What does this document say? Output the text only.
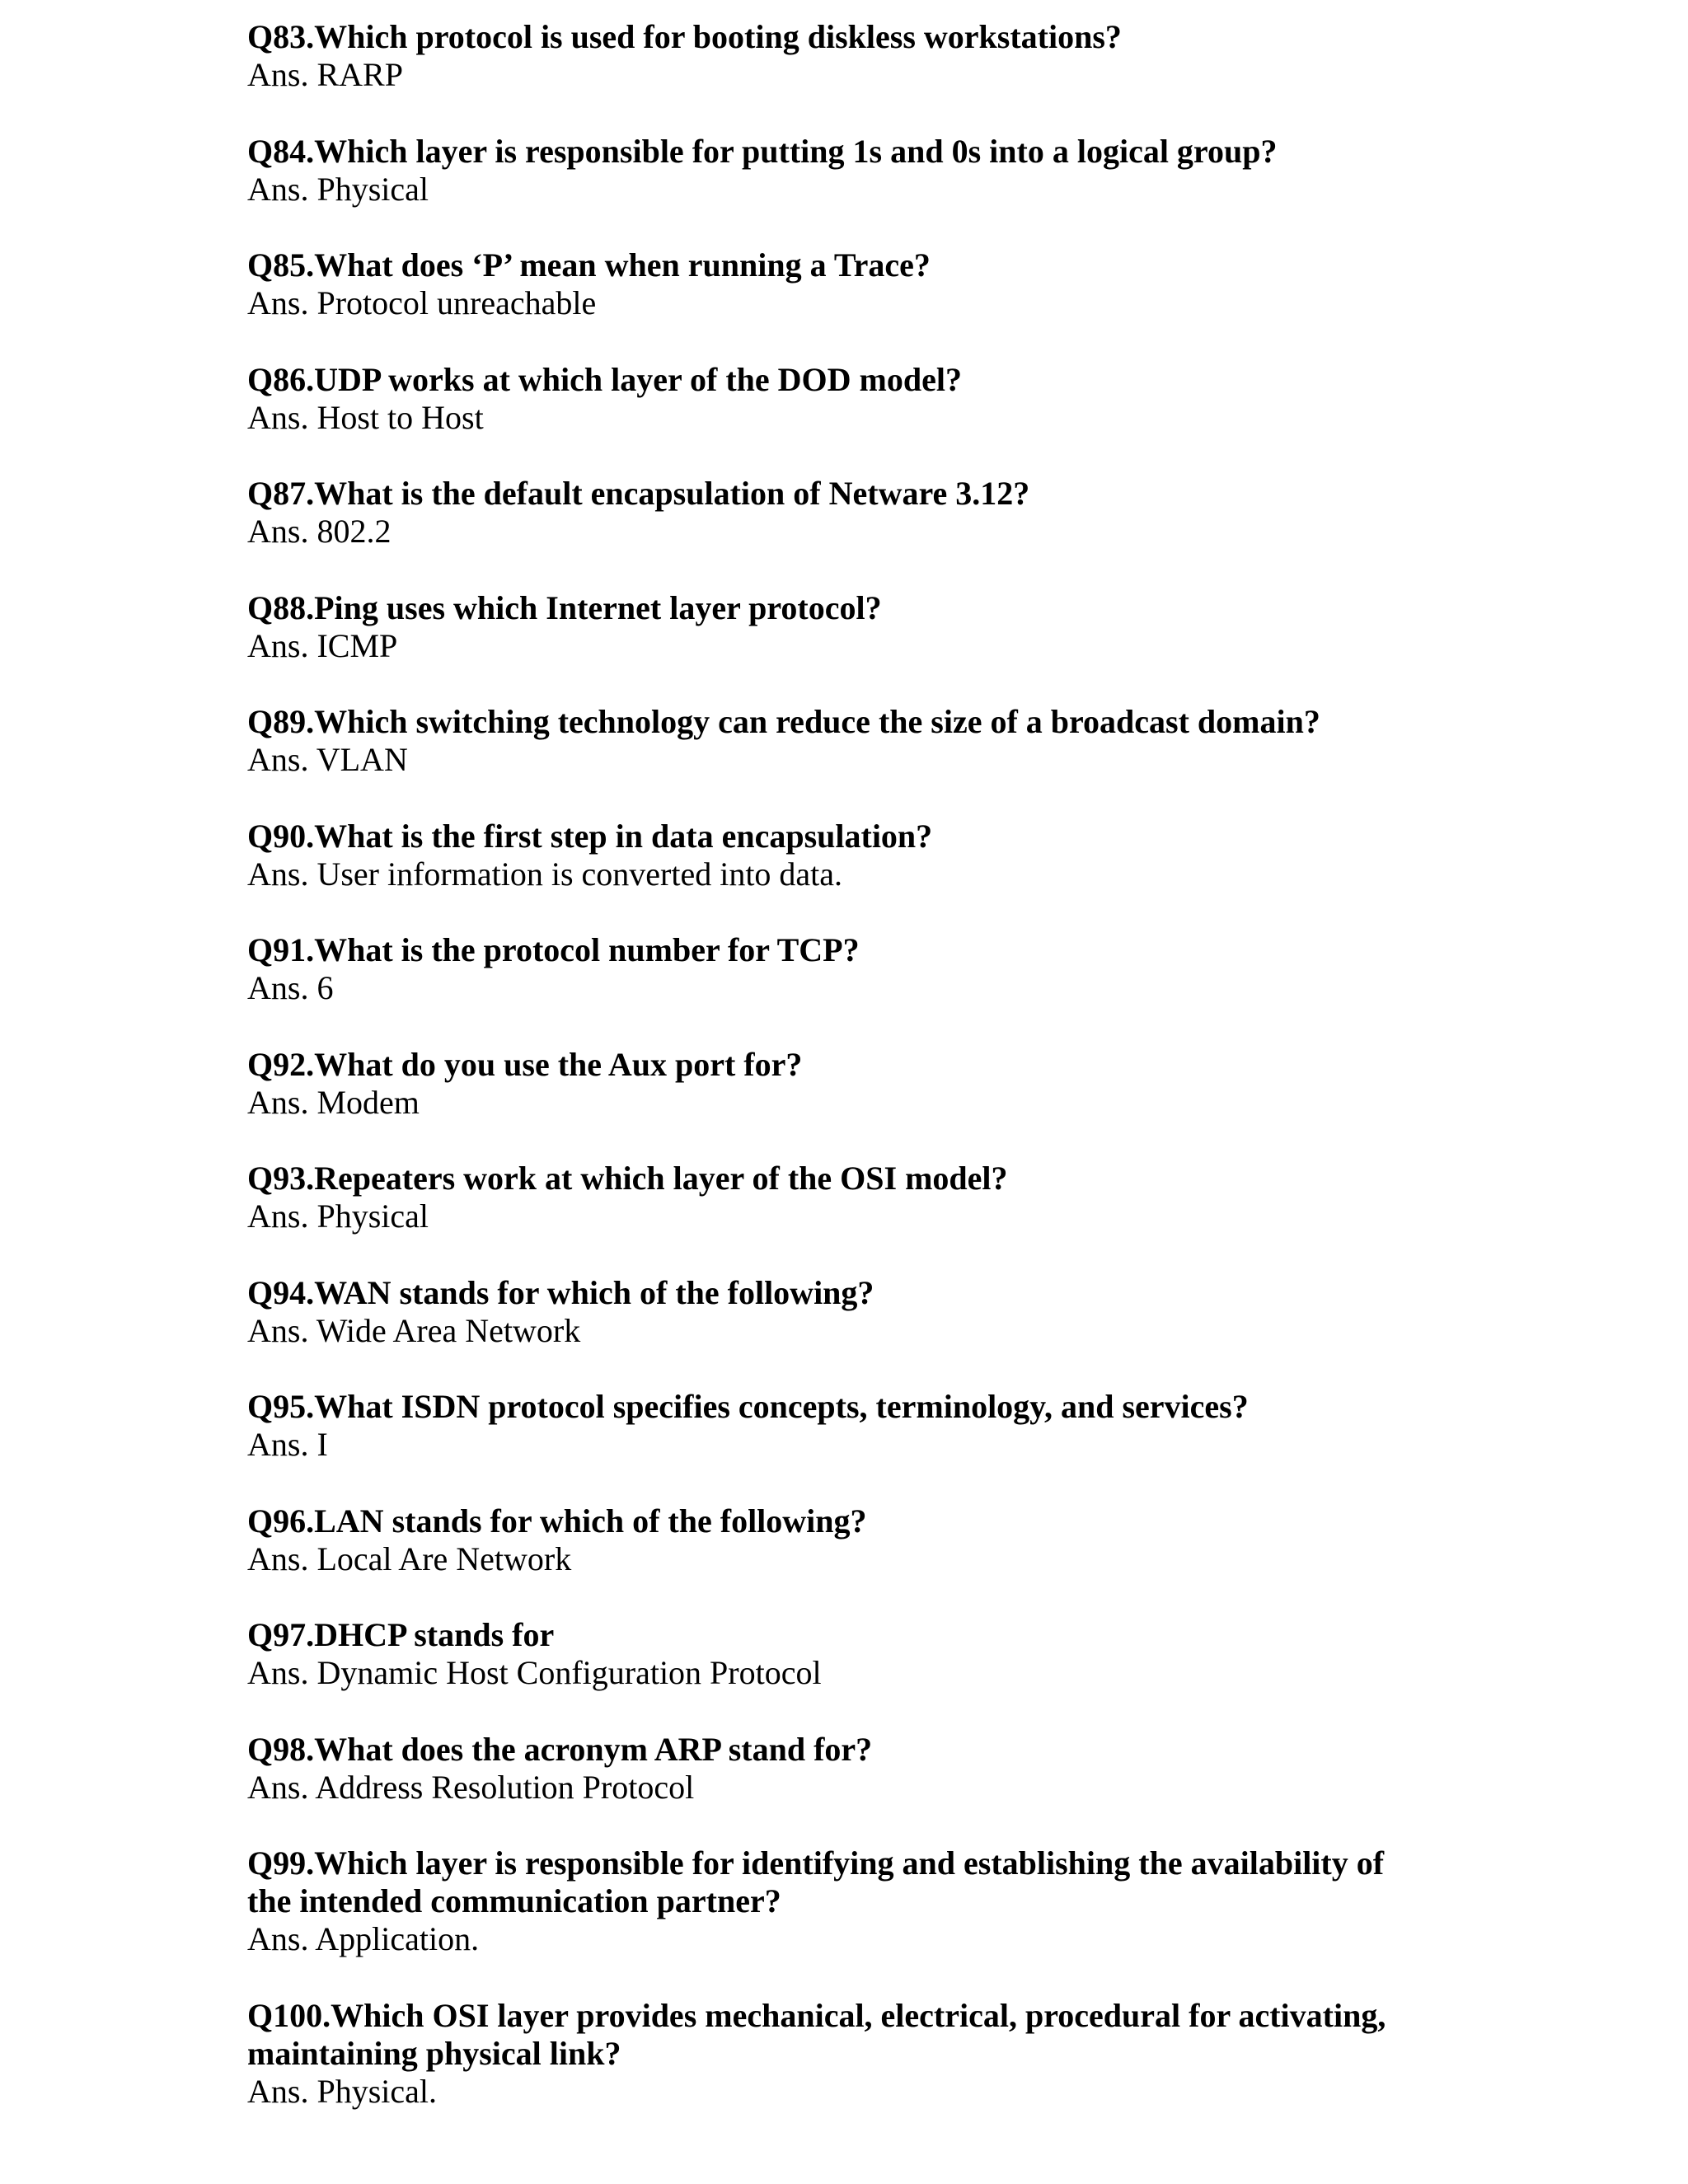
Q83.Which protocol is used for booting diskless workstations?

Ans. RARP

Q84.Which layer is responsible for putting 1s and 0s into a logical group?

Ans. Physical

Q85.What does ‘P’ mean when running a Trace?

Ans. Protocol unreachable

Q86.UDP works at which layer of the DOD model?

Ans. Host to Host

Q87.What is the default encapsulation of Netware 3.12?

Ans. 802.2

Q88.Ping uses which Internet layer protocol?

Ans. ICMP

Q89.Which switching technology can reduce the size of a broadcast domain?

Ans. VLAN

Q90.What is the first step in data encapsulation?

Ans. User information is converted into data.

Q91.What is the protocol number for TCP?

Ans. 6

Q92.What do you use the Aux port for?

Ans. Modem

Q93.Repeaters work at which layer of the OSI model?

Ans. Physical

Q94.WAN stands for which of the following?

Ans. Wide Area Network

Q95.What ISDN protocol specifies concepts, terminology, and services?

Ans. I

Q96.LAN stands for which of the following?

Ans. Local Are Network

Q97.DHCP stands for

Ans. Dynamic Host Configuration Protocol

Q98.What does the acronym ARP stand for?

Ans. Address Resolution Protocol

Q99.Which layer is responsible for identifying and establishing the availability of the intended communication partner?

Ans. Application.

Q100.Which OSI layer provides mechanical, electrical, procedural for activating, maintaining physical link?

Ans. Physical.
